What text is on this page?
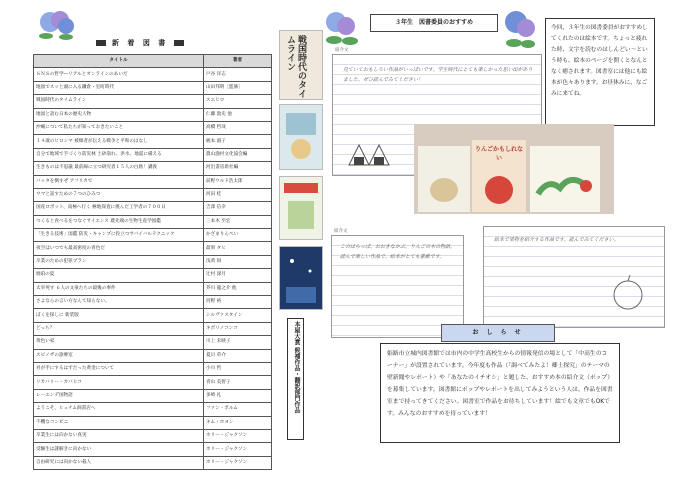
新 着 図 書
タイトル	著者
ＳＮＳの哲学―リアルとオンラインのあいだ	戸谷 洋志
地図でスッと頭に入る鎌倉・室町時代	山田邦明［監修］
戦国時代のタイムライン	スエヒロ
地図と読む日本の歴史人物	仁藤 敦史 他
沖縄について私たちが知っておきたいこと	高橋 哲哉
１４歳のヒロシマ 被爆者が伝える戦争と平和のはなし	梶本 淑子
自分で地域で手づくり防災林 土砂崩れ、洪水、地震に備える	農山漁村文化協会編
生きものは不思議 最前線に立つ研究者１５人の白熱！講義	河出書房新社編
バッタを倒すぜ アフリカで	前野ウルド浩太郎
ウマと話すための７つのひみつ	河田 桂
国産ロボット、南極へ行く 極地探査に挑んだ工学者の７００日	吉澤 信幸
つくると食べるをつなぐサイエンス 農先端の生物生産学図鑑	三本木 至宏
「生きる技術」図鑑 防災・キャンプに役立つサバイバルテクニック	かざまりんぺい
夜空はいつでも最高密度の青色だ	最果 タヒ
卒業のための犯罪プラン	浅黄 斑
琥珀の夏	辻村 深月
太宰死す ６人の文豪たちの最後の事件	芥川 龍之介 他
さよならの言い方なんて知らない。	河野 裕
ぼくを探しに 新装版	シルヴァスタイン
どっち？	キボリノコンコ
黄色い家	川上 未映子
スピノザの診療室	夏川 草介
君が手にするはずだった黄金について	小川 哲
リカバリー・カバヒコ	青山 美智子
レーエンデ国物語	多崎 礼
ようこそ、ヒュナム洞書店へ	ファン・ボルム
不機なコンビニ	キム・ホヨン
卒業生には向かない真実	ホリー・ジャクソン
受験生は謎解きに向かない	ホリー・ジャクソン
自由研究には向かない殺人	ホリー・ジャクソン
戦国時代のタイムライン
本屋大賞 候補作品・翻訳部門作品
３年生　図書委員のおすすめ
今回、３年生の図書委員がおすすめしてくれたのは絵本です。ちょっと疲れた時、文字を読むのはしんどい～という時も、絵本のページを開くとなんとなく癒されます。図書室には他にも絵本が色々あります。お昼休みに、なごみに来てね。
紹介文
見ていておもしろい作品がいっぱいです。学生時代にとても楽しかった思い出がありました。ぜひ読んでみてください！
りんごかもしれない
紹介文
このはらっぱ、おおきなかぶ。りんごの木の物語。読んで楽しい作品で、絵本がとても素敵です。
絵本で果物を紹介する作品です。読んでみてください。
お し ら せ

姫路市立城内図書館では市内の中学生高校生からの情報発信の場として「中高生のコーナー」が設置されています。今年度も作品（「調べてみたよ！郷土探究」のテーマの壁新聞やレポート）や「あなたのイチオシ」と題した、おすすめ本の紹介文（ポップ）を募集しています。図書館にポップやレポートを出してみようという人は、作品を図書室まで持ってきてください。図書室で作品をお待ちしています！絵でも文章でもOKです。みんなのおすすめを待っています！
